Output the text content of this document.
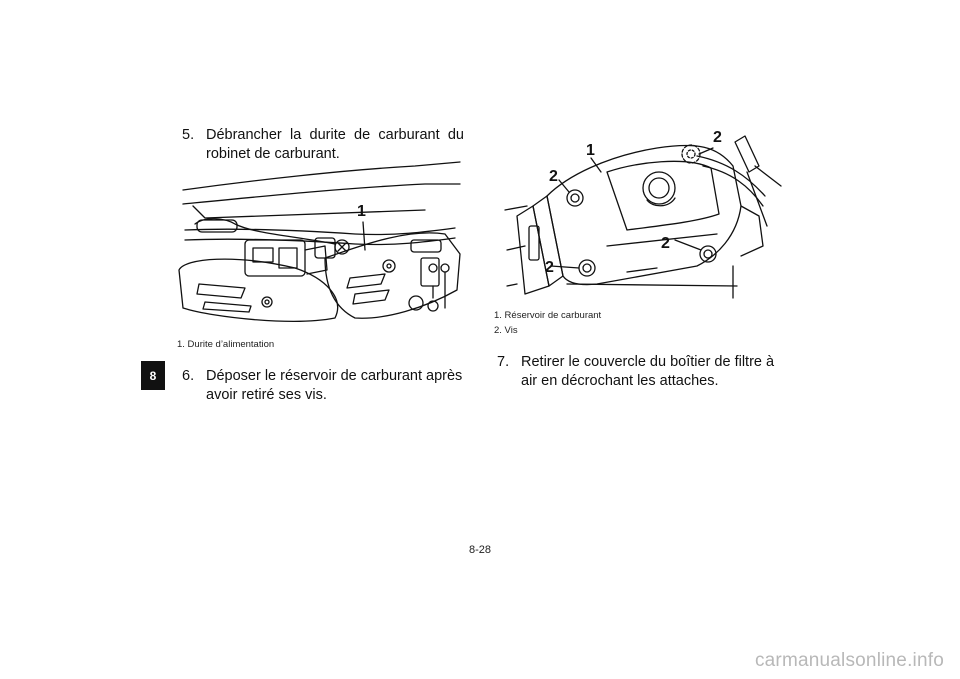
8
5. Débrancher la durite de carburant du robinet de carburant.
1
1. Durite d’alimentation
6. Déposer le réservoir de carburant après avoir retiré ses vis.
1
2
2
2
2
1. Réservoir de carburant
2. Vis
7. Retirer le couvercle du boîtier de filtre à air en décrochant les attaches.
8-28
carmanualsonline.info
